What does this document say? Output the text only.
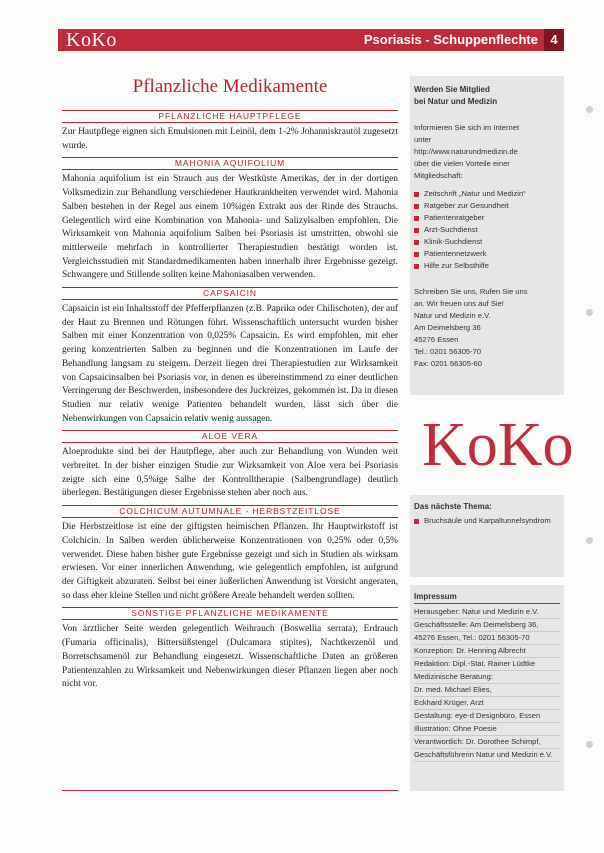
KoKo	Psoriasis - Schuppenflechte 4
Pflanzliche Medikamente
PFLANZLICHE HAUPTPFLEGE

Zur Hautpflege eignen sich Emulsionen mit Leinöl, dem 1-2% Johanniskrautöl zugesetzt wurde.

MAHONIA AQUIFOLIUM

Mahonia aquifolium ist ein Strauch aus der Westküste Amerikas, der in der dortigen Volksmedizin zur Behandlung verschiedener Hautkrankheiten verwendet wird. Mahonia Salben bestehen in der Regel aus einem 10%igen Extrakt aus der Rinde des Strauchs. Gelegentlich wird eine Kombination von Mahonia- und Salizylsalben empfohlen. Die Wirksamkeit von Mahonia aquifolium Salben bei Psoriasis ist umstritten, obwohl sie mittlerweile mehrfach in kontrollierter Therapiestudien bestätigt worden ist. Vergleichsstudien mit Standardmedikamenten haben innerhalb ihrer Ergebnisse gezeigt. Schwangere und Stillende sollten keine Mahoniasalben verwenden.

CAPSAICIN

Capsaicin ist ein Inhaltsstoff der Pfefferpflanzen (z.B. Paprika oder Chilischoten), der auf der Haut zu Brennen und Rötungen führt. Wissenschaftlich untersucht wurden bisher Salben mit einer Konzentration von 0,025% Capsaicin. Es wird empfohlen, mit eher gering konzentrierten Salben zu beginnen und die Konzentrationen im Laufe der Behandlung langsam zu steigern. Derzeit liegen drei Therapiestudien zur Wirksamkeit von Capsaicinsalben bei Psoriasis vor, in denen es übereinstimmend zu einer deutlichen Verringerung der Beschwerden, insbesondere des Juckreizes, gekommen ist. Da in diesen Studien nur relativ wenige Patienten behandelt wurden, lässt sich über die Nebenwirkungen von Capsaicin relativ wenig aussagen.

ALOE VERA

Aloeprodukte sind bei der Hautpflege, aber auch zur Behandlung von Wunden weit verbreitet. In der bisher einzigen Studie zur Wirksamkeit von Aloe vera bei Psoriasis zeigte sich eine 0,5%ige Salbe der Kontrolltherapie (Salbengrundlage) deutlich überlegen. Bestätigungen dieser Ergebnisse stehen aber noch aus.

COLCHICUM AUTUMNALE - HERBSTZEITLOSE

Die Herbstzeitlose ist eine der giftigsten heimischen Pflanzen. Ihr Hauptwirkstoff ist Colchicin. In Salben werden üblicherweise Konzentrationen von 0,25% oder 0,5% verwendet. Diese haben bisher gute Ergebnisse gezeigt und sich in Studien als wirksam erwiesen. Vor einer innerlichen Anwendung, wie gelegentlich empfohlen, ist aufgrund der Giftigkeit abzuraten. Selbst bei einer äußerlichen Anwendung ist Vorsicht angeraten, so dass eher kleine Stellen und nicht größere Areale behandelt werden sollten.

SONSTIGE PFLANZLICHE MEDIKAMENTE

Von ärztlicher Seite werden gelegentlich Weihrauch (Boswellia serrata), Erdrauch (Fumaria officinalis), Bittersüßstengel (Dulcamara stipites), Nachtkerzenöl und Borretschsamenöl zur Behandlung eingesetzt. Wissenschaftliche Daten an größeren Patientenzahlen zu Wirksamkeit und Nebenwirkungen dieser Pflanzen liegen aber noch nicht vor.

Werden Sie Mitglied
bei Natur und Medizin
Informieren Sie sich im Internet
unter
http://www.naturundmedizin.de
über die vielen Vorteile einer
Mitgliedschaft:
Zeitschrift „Natur und Medizin“
Ratgeber zur Gesundheit
Patientenratgeber
Arzt-Suchdienst
Klinik-Suchdienst
Patientennetzwerk
Hilfe zur Selbsthilfe
Schreiben Sie uns, Rufen Sie uns
an. Wir freuen uns auf Sie!
Natur und Medizin e.V.
Am Deimelsberg 36
45276 Essen
Tel.: 0201 56305-70
Fax: 0201 56305-60
KoKo
Das nächste Thema:
Bruchsäule und Karpaltunnelsyndrom
Impressum
Herausgeber: Natur und Medizin e.V.
Geschäftsstelle: Am Deimelsberg 36,
45276 Essen, Tel.: 0201 56305-70
Konzeption: Dr. Henning Albrecht
Redaktion: Dipl.-Stat. Rainer Lüdtke
Medizinische Beratung:
Dr. med. Michael Elies,
Eckhard Krüger, Arzt
Gestaltung: eye-d Designbüro, Essen
Illustration: Ohne Poesie
Verantwortlich: Dr. Dorothee Schimpf,
Geschäftsführerin Natur und Medizin e.V.
